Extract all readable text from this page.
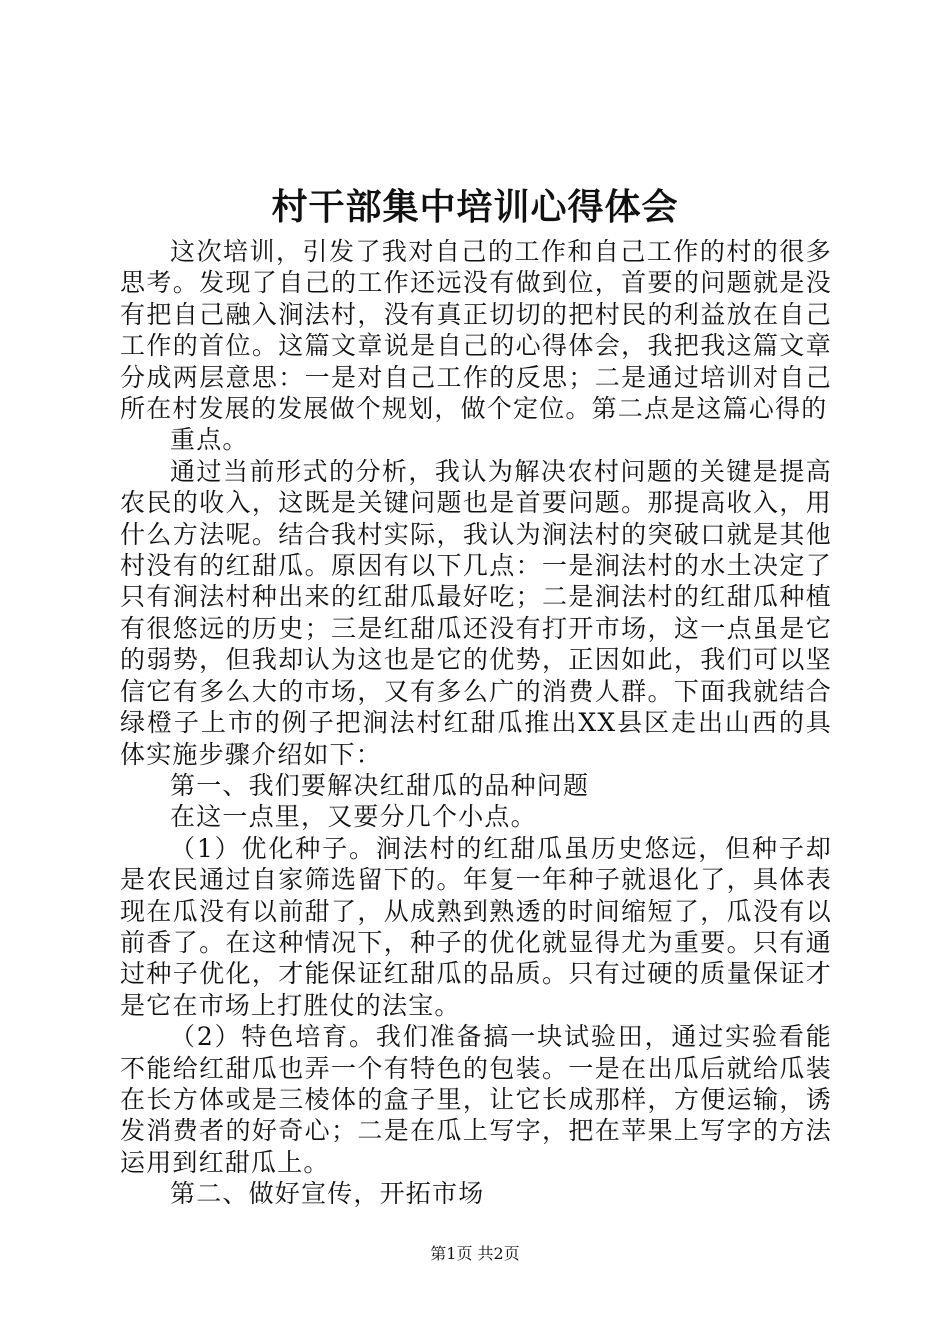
村干部集中培训心得体会

这次培训，引发了我对自己的工作和自己工作的村的很多思考。发现了自己的工作还远没有做到位，首要的问题就是没有把自己融入涧法村，没有真正切切的把村民的利益放在自己工作的首位。这篇文章说是自己的心得体会，我把我这篇文章分成两层意思：一是对自己工作的反思；二是通过培训对自己所在村发展的发展做个规划，做个定位。第二点是这篇心得的

重点。

通过当前形式的分析，我认为解决农村问题的关键是提高农民的收入，这既是关键问题也是首要问题。那提高收入，用什么方法呢。结合我村实际，我认为涧法村的突破口就是其他村没有的红甜瓜。原因有以下几点：一是涧法村的水土决定了只有涧法村种出来的红甜瓜最好吃；二是涧法村的红甜瓜种植有很悠远的历史；三是红甜瓜还没有打开市场，这一点虽是它的弱势，但我却认为这也是它的优势，正因如此，我们可以坚信它有多么大的市场，又有多么广的消费人群。下面我就结合绿橙子上市的例子把涧法村红甜瓜推出XX县区走出山西的具体实施步骤介绍如下：

第一、我们要解决红甜瓜的品种问题

在这一点里，又要分几个小点。

（1）优化种子。涧法村的红甜瓜虽历史悠远，但种子却是农民通过自家筛选留下的。年复一年种子就退化了，具体表现在瓜没有以前甜了，从成熟到熟透的时间缩短了，瓜没有以前香了。在这种情况下，种子的优化就显得尤为重要。只有通过种子优化，才能保证红甜瓜的品质。只有过硬的质量保证才是它在市场上打胜仗的法宝。

（2）特色培育。我们准备搞一块试验田，通过实验看能不能给红甜瓜也弄一个有特色的包装。一是在出瓜后就给瓜装在长方体或是三棱体的盒子里，让它长成那样，方便运输，诱发消费者的好奇心；二是在瓜上写字，把在苹果上写字的方法运用到红甜瓜上。

第二、做好宣传，开拓市场

第1页 共2页
